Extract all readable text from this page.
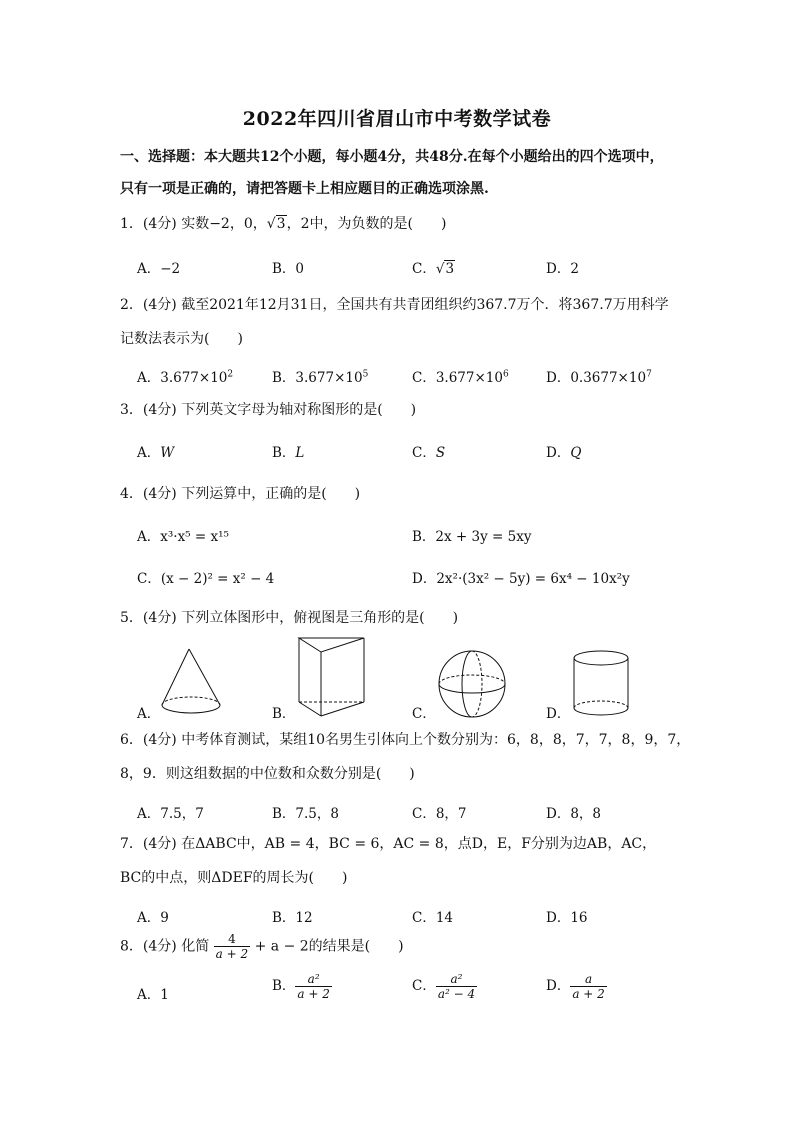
2022年四川省眉山市中考数学试卷
一、选择题：本大题共12个小题，每小题4分，共48分.在每个小题给出的四个选项中，
只有一项是正确的，请把答题卡上相应题目的正确选项涂黑.
1．(4分) 实数−2，0，√3，2中，为负数的是(　　)
A．−2	B．0	C．√3	D．2
2．(4分) 截至2021年12月31日，全国共有共青团组织约367.7万个．将367.7万用科学
记数法表示为(　　)
A．$3.677\times 10^2$	B．$3.677\times 10^5$	C．$3.677\times 10^6$	D．$0.3677\times 10^7$
3．(4分) 下列英文字母为轴对称图形的是(　　)
A．W	B．L	C．S	D．Q
4．(4分) 下列运算中，正确的是(　　)
A．x³·x⁵ = x¹⁵	B．2x + 3y = 5xy
C．(x − 2)² = x² − 4	D．2x²·(3x² − 5y) = 6x⁴ − 10x²y
5．(4分) 下列立体图形中，俯视图是三角形的是(　　)
A．	B．	C．	D．
6．(4分) 中考体育测试，某组10名男生引体向上个数分别为：6，8，8，7，7，8，9，7，
8，9．则这组数据的中位数和众数分别是(　　)
A．7.5，7	B．7.5，8	C．8，7	D．8，8
7．(4分) 在ΔABC中，AB = 4，BC = 6，AC = 8，点D，E，F分别为边AB，AC，
BC的中点，则ΔDEF的周长为(　　)
A．9	B．12	C．14	D．16
8．(4分) 化简 $\frac{4}{a + 2} + a - 2$的结果是(　　)
A．1
B． $\frac{\text{a²}}{a + 2}$	C． $\frac{\text{a²}}{\text{a² − 4}}$	D． $\frac{a}{a + 2}$
